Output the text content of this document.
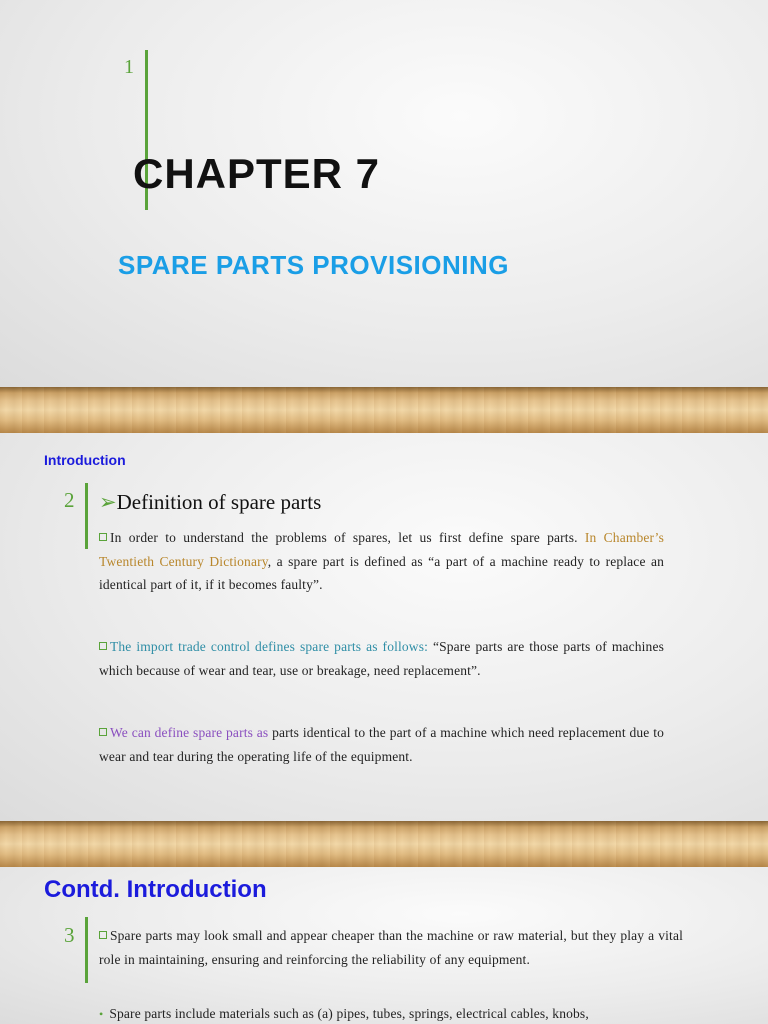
1
CHAPTER 7
SPARE PARTS PROVISIONING
Introduction
2 ➢Definition of spare parts
In order to understand the problems of spares, let us first define spare parts. In Chamber’s Twentieth Century Dictionary, a spare part is defined as “a part of a machine ready to replace an identical part of it, if it becomes faulty”.
The import trade control defines spare parts as follows: “Spare parts are those parts of machines which because of wear and tear, use or breakage, need replacement”.
We can define spare parts as parts identical to the part of a machine which need replacement due to wear and tear during the operating life of the equipment.
Contd. Introduction
3	Spare parts may look small and appear cheaper than the machine or raw material, but they play a vital role in maintaining, ensuring and reinforcing the reliability of any equipment.
• Spare parts include materials such as (a) pipes, tubes, springs, electrical cables, knobs,
